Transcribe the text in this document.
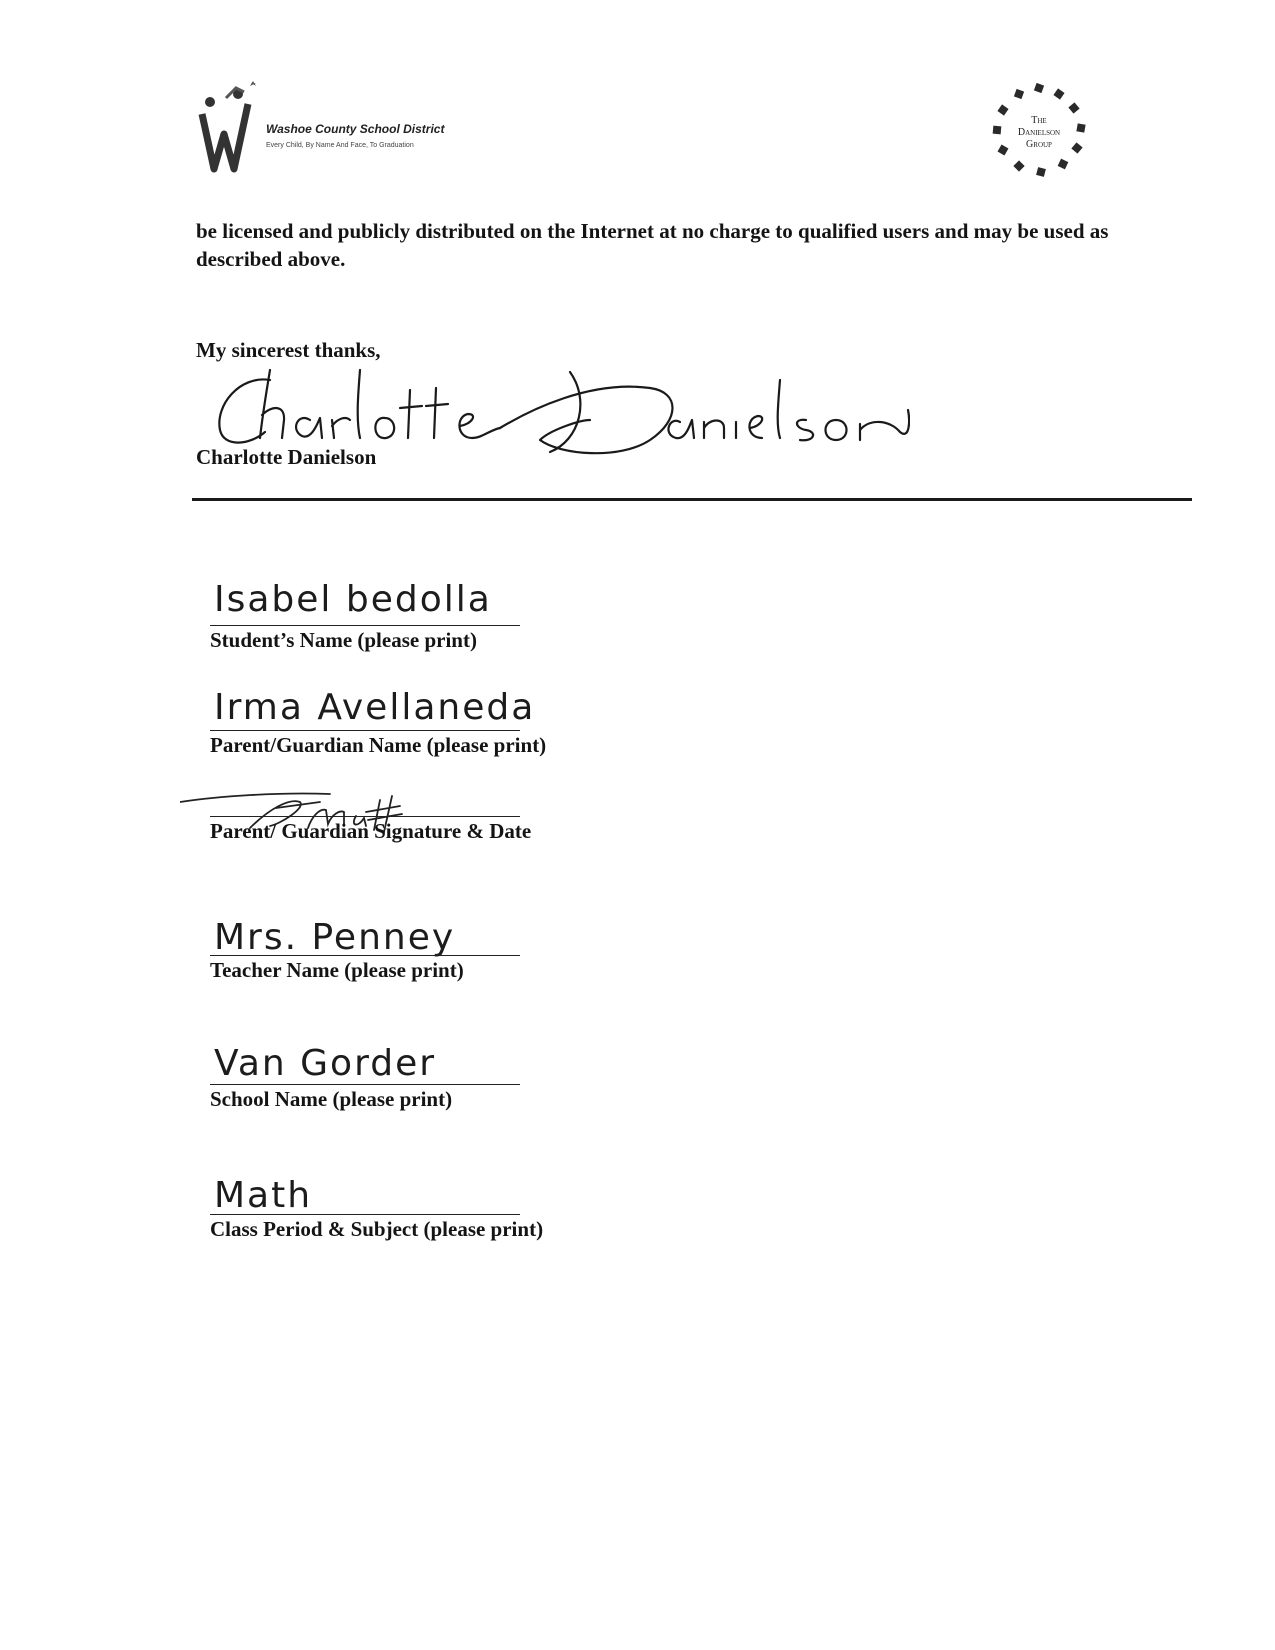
Washoe County School District
Every Child, By Name And Face, To Graduation
The
Danielson
Group

be licensed and publicly distributed on the Internet at no charge to qualified users and may be used as described above.

My sincerest thanks,

Charlotte Danielson

Isabel bedolla
Student’s Name (please print)
Irma Avellaneda
Parent/Guardian Name (please print)
Parent/ Guardian Signature & Date
Mrs. Penney
Teacher Name (please print)
Van Gorder
School Name (please print)
Math
Class Period & Subject (please print)
